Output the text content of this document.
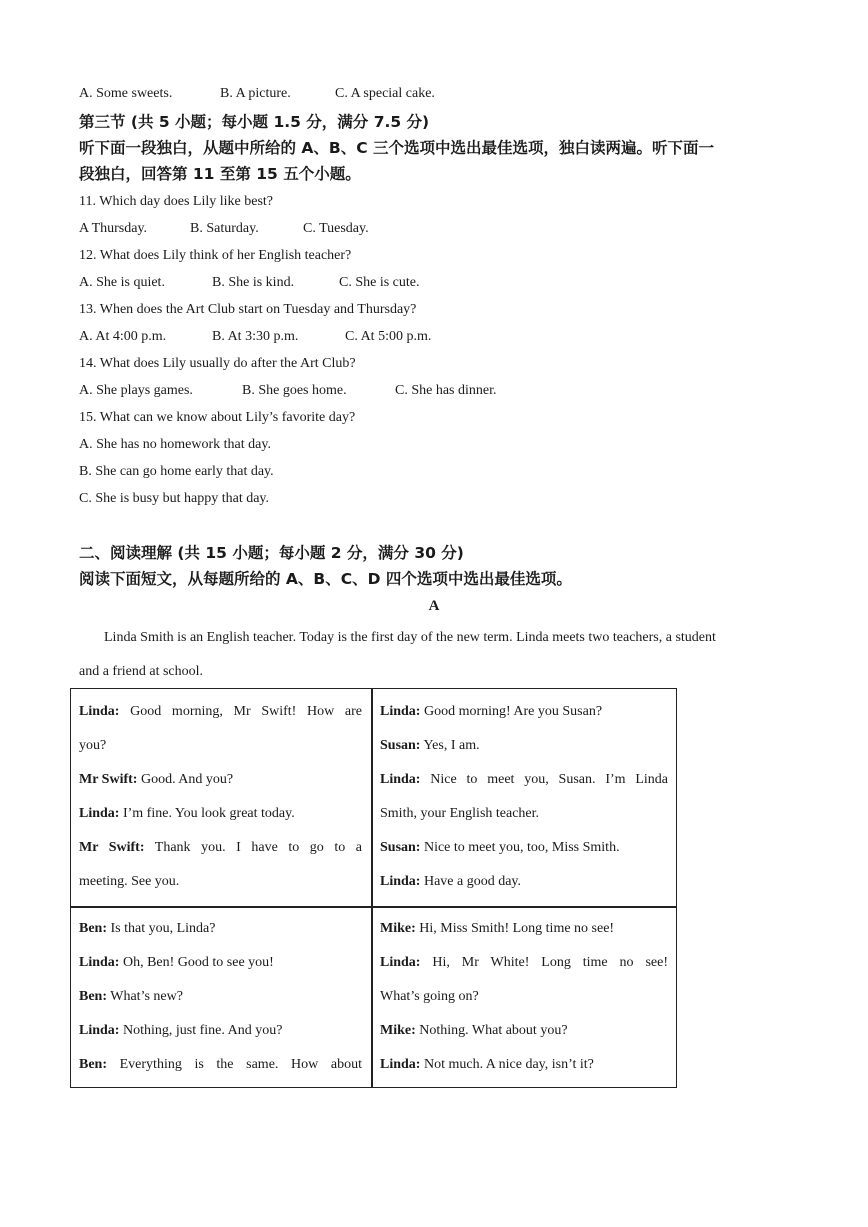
A. Some sweets.	B. A picture.	C. A special cake.
第三节 (共 5 小题；每小题 1.5 分，满分 7.5 分)
听下面一段独白，从题中所给的 A、B、C 三个选项中选出最佳选项，独白读两遍。听下面一
段独白，回答第 11 至第 15 五个小题。
11. Which day does Lily like best?
A Thursday.	B. Saturday.	C. Tuesday.
12. What does Lily think of her English teacher?
A. She is quiet.	B. She is kind.	C. She is cute.
13. When does the Art Club start on Tuesday and Thursday?
A. At 4:00 p.m.	B. At 3:30 p.m.	C. At 5:00 p.m.
14. What does Lily usually do after the Art Club?
A. She plays games.	B. She goes home.	C. She has dinner.
15. What can we know about Lily’s favorite day?
A. She has no homework that day.
B. She can go home early that day.
C. She is busy but happy that day.
二、阅读理解 (共 15 小题；每小题 2 分，满分 30 分)
阅读下面短文，从每题所给的 A、B、C、D 四个选项中选出最佳选项。
A
Linda Smith is an English teacher. Today is the first day of the new term. Linda meets two teachers, a student
and a friend at school.
Linda: Good morning, Mr Swift! How are
you?
Mr Swift: Good. And you?
Linda: I’m fine. You look great today.
Mr Swift: Thank you. I have to go to a
meeting. See you.
Linda: Good morning! Are you Susan?
Susan: Yes, I am.
Linda: Nice to meet you, Susan. I’m Linda
Smith, your English teacher.
Susan: Nice to meet you, too, Miss Smith.
Linda: Have a good day.
Ben: Is that you, Linda?
Linda: Oh, Ben! Good to see you!
Ben: What’s new?
Linda: Nothing, just fine. And you?
Ben: Everything is the same. How about
Mike: Hi, Miss Smith! Long time no see!
Linda: Hi, Mr White! Long time no see!
What’s going on?
Mike: Nothing. What about you?
Linda: Not much. A nice day, isn’t it?
